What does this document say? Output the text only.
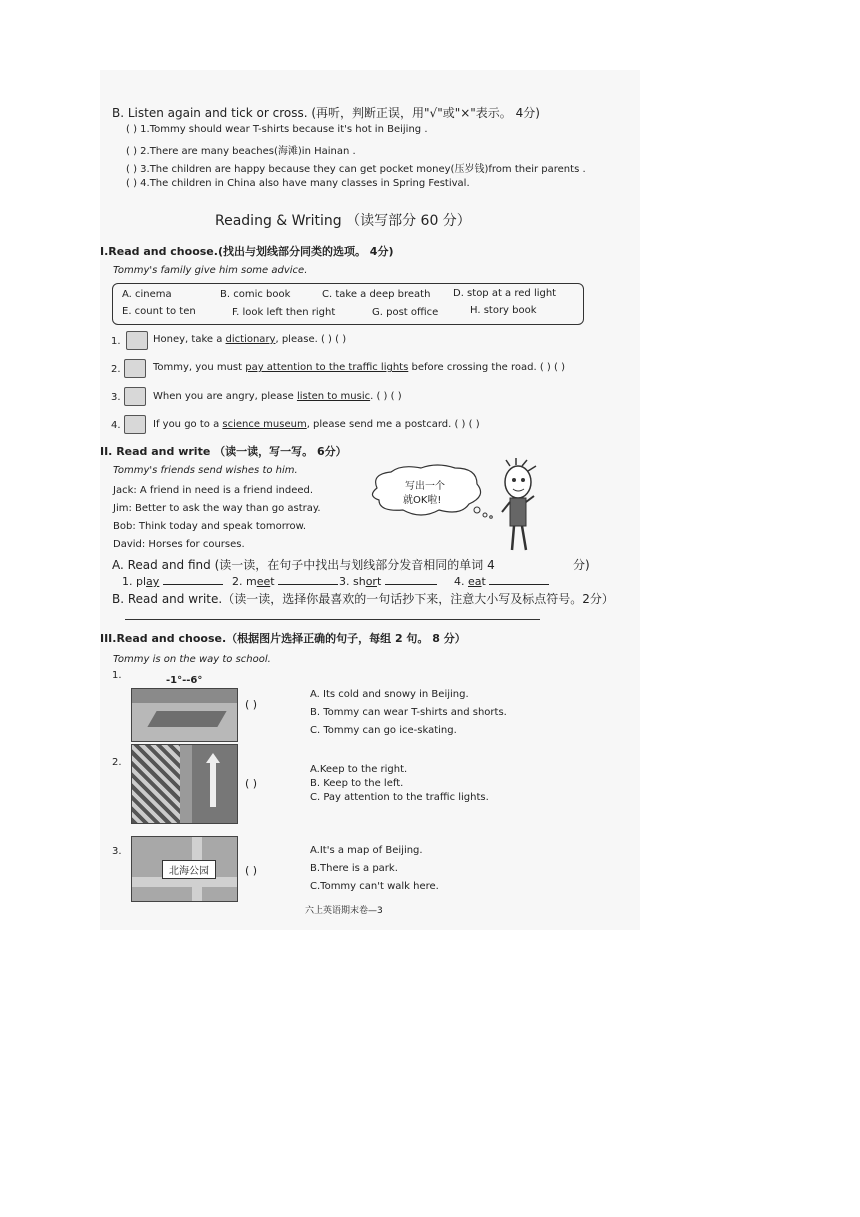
B. Listen again and tick or cross. (再听，判断正误，用"√"或"×"表示。 4分)
( ) 1.Tommy should wear T-shirts because it's hot in Beijing .
( ) 2.There are many beaches(海滩)in Hainan .
( ) 3.The children are happy because they can get pocket money(压岁钱)from their parents .
( ) 4.The children in China also have many classes in Spring Festival.
Reading & Writing （读写部分 60 分）
I.Read and choose.(找出与划线部分同类的选项。 4分)
Tommy's family give him some advice.
A. cinema	B. comic book	C. take a deep breath D. stop at a red light
E. count to ten	F. look left then right	G. post office	H. story book
1.	Honey, take a dictionary, please. ( ) ( )
2.	Tommy, you must pay attention to the traffic lights before crossing the road. ( ) ( )
3.	When you are angry, please listen to music. ( ) ( )
4.	If you go to a science museum, please send me a postcard. ( ) ( )
II. Read and write （读一读，写一写。 6分）
Tommy's friends send wishes to him.
Jack: A friend in need is a friend indeed.
Jim: Better to ask the way than go astray.
Bob: Think today and speak tomorrow.
David: Horses for courses.
写出一个
就OK啦!
A. Read and find (读一读，在句子中找出与划线部分发音相同的单词 4	分)
1. play	2. meet	3. short	4. eat
B. Read and write.（读一读，选择你最喜欢的一句话抄下来，注意大小写及标点符号。2分）
III.Read and choose.（根据图片选择正确的句子，每组 2 句。 8 分）
Tommy is on the way to school.
1.	-1°--6°
( )
A. Its cold and snowy in Beijing.
B. Tommy can wear T-shirts and shorts.
C. Tommy can go ice-skating.
2.
( )
A.Keep to the right.
B. Keep to the left.
C. Pay attention to the traffic lights.
3.
北海公园	( )
A.It's a map of Beijing.
B.There is a park.
C.Tommy can't walk here.
六上英语期末卷—3
